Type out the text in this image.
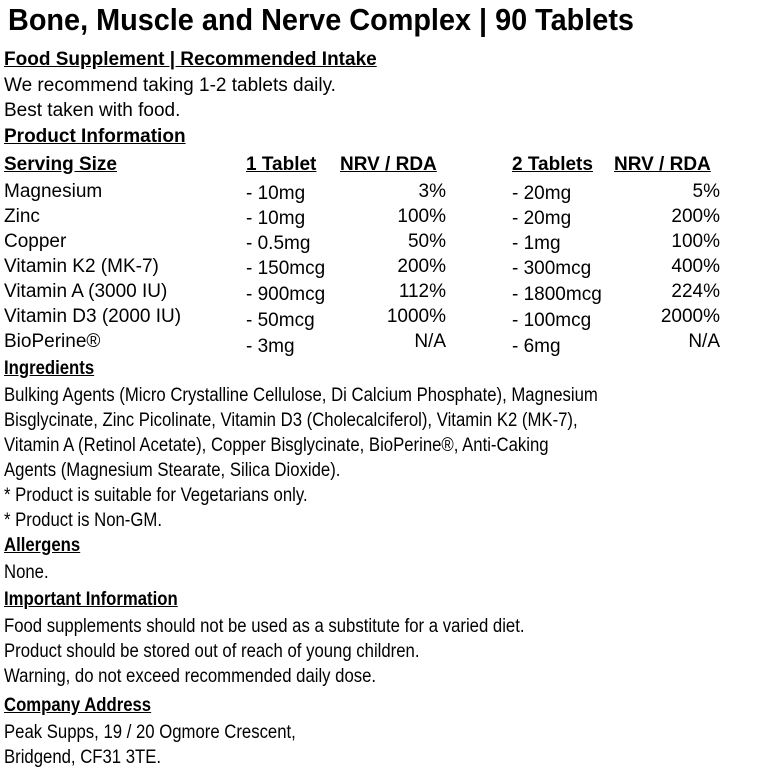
Bone, Muscle and Nerve Complex | 90 Tablets
Food Supplement | Recommended Intake
We recommend taking 1-2 tablets daily.
Best taken with food.
Product Information
Serving Size	1 Tablet NRV / RDA	2 Tablets NRV / RDA
Magnesium	- 10mg	3%	- 20mg	5%
Zinc	- 10mg	100%	- 20mg	200%
Copper	- 0.5mg	50%	- 1mg	100%
Vitamin K2 (MK-7)	- 150mcg	200%	- 300mcg	400%
Vitamin A (3000 IU)	- 900mcg	112%	- 1800mcg	224%
Vitamin D3 (2000 IU)	- 50mcg	1000%	- 100mcg	2000%
BioPerine®	- 3mg	N/A	- 6mg	N/A
Ingredients
Bulking Agents (Micro Crystalline Cellulose, Di Calcium Phosphate), Magnesium
Bisglycinate, Zinc Picolinate, Vitamin D3 (Cholecalciferol), Vitamin K2 (MK-7),
Vitamin A (Retinol Acetate), Copper Bisglycinate, BioPerine®, Anti-Caking
Agents (Magnesium Stearate, Silica Dioxide).
* Product is suitable for Vegetarians only.
* Product is Non-GM.
Allergens
None.
Important Information
Food supplements should not be used as a substitute for a varied diet.
Product should be stored out of reach of young children.
Warning, do not exceed recommended daily dose.
Company Address
Peak Supps, 19 / 20 Ogmore Crescent,
Bridgend, CF31 3TE.
